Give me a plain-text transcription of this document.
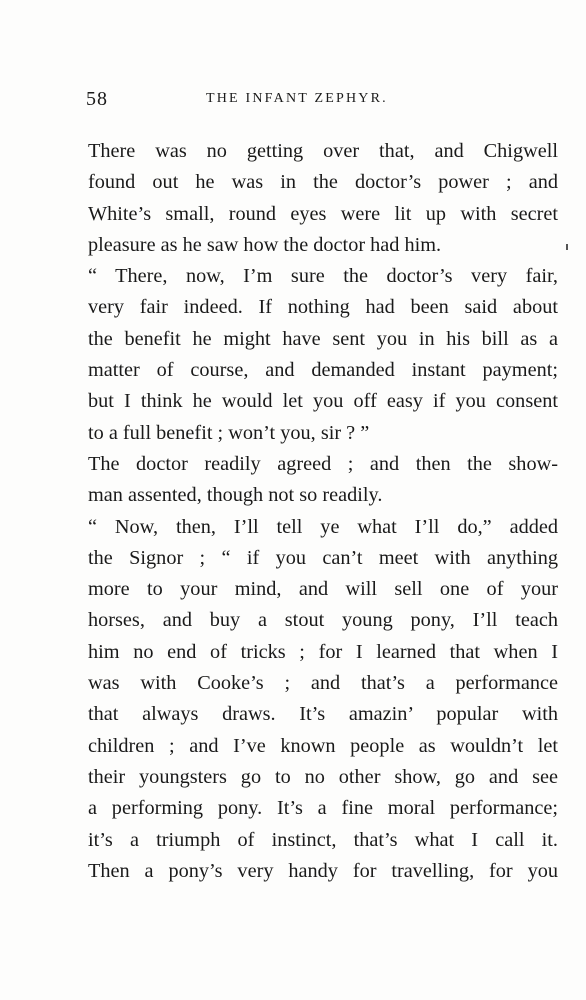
58	THE INFANT ZEPHYR.
There was no getting over that, and Chigwell
found out he was in the doctor’s power ; and
White’s small, round eyes were lit up with secret
pleasure as he saw how the doctor had him.
“ There, now, I’m sure the doctor’s very fair,
very fair indeed. If nothing had been said about
the benefit he might have sent you in his bill as a
matter of course, and demanded instant payment;
but I think he would let you off easy if you consent
to a full benefit ; won’t you, sir ? ”
The doctor readily agreed ; and then the show-
man assented, though not so readily.
“ Now, then, I’ll tell ye what I’ll do,” added
the Signor ; “ if you can’t meet with anything
more to your mind, and will sell one of your
horses, and buy a stout young pony, I’ll teach
him no end of tricks ; for I learned that when I
was with Cooke’s ; and that’s a performance
that always draws. It’s amazin’ popular with
children ; and I’ve known people as wouldn’t let
their youngsters go to no other show, go and see
a performing pony. It’s a fine moral performance;
it’s a triumph of instinct, that’s what I call it.
Then a pony’s very handy for travelling, for you
